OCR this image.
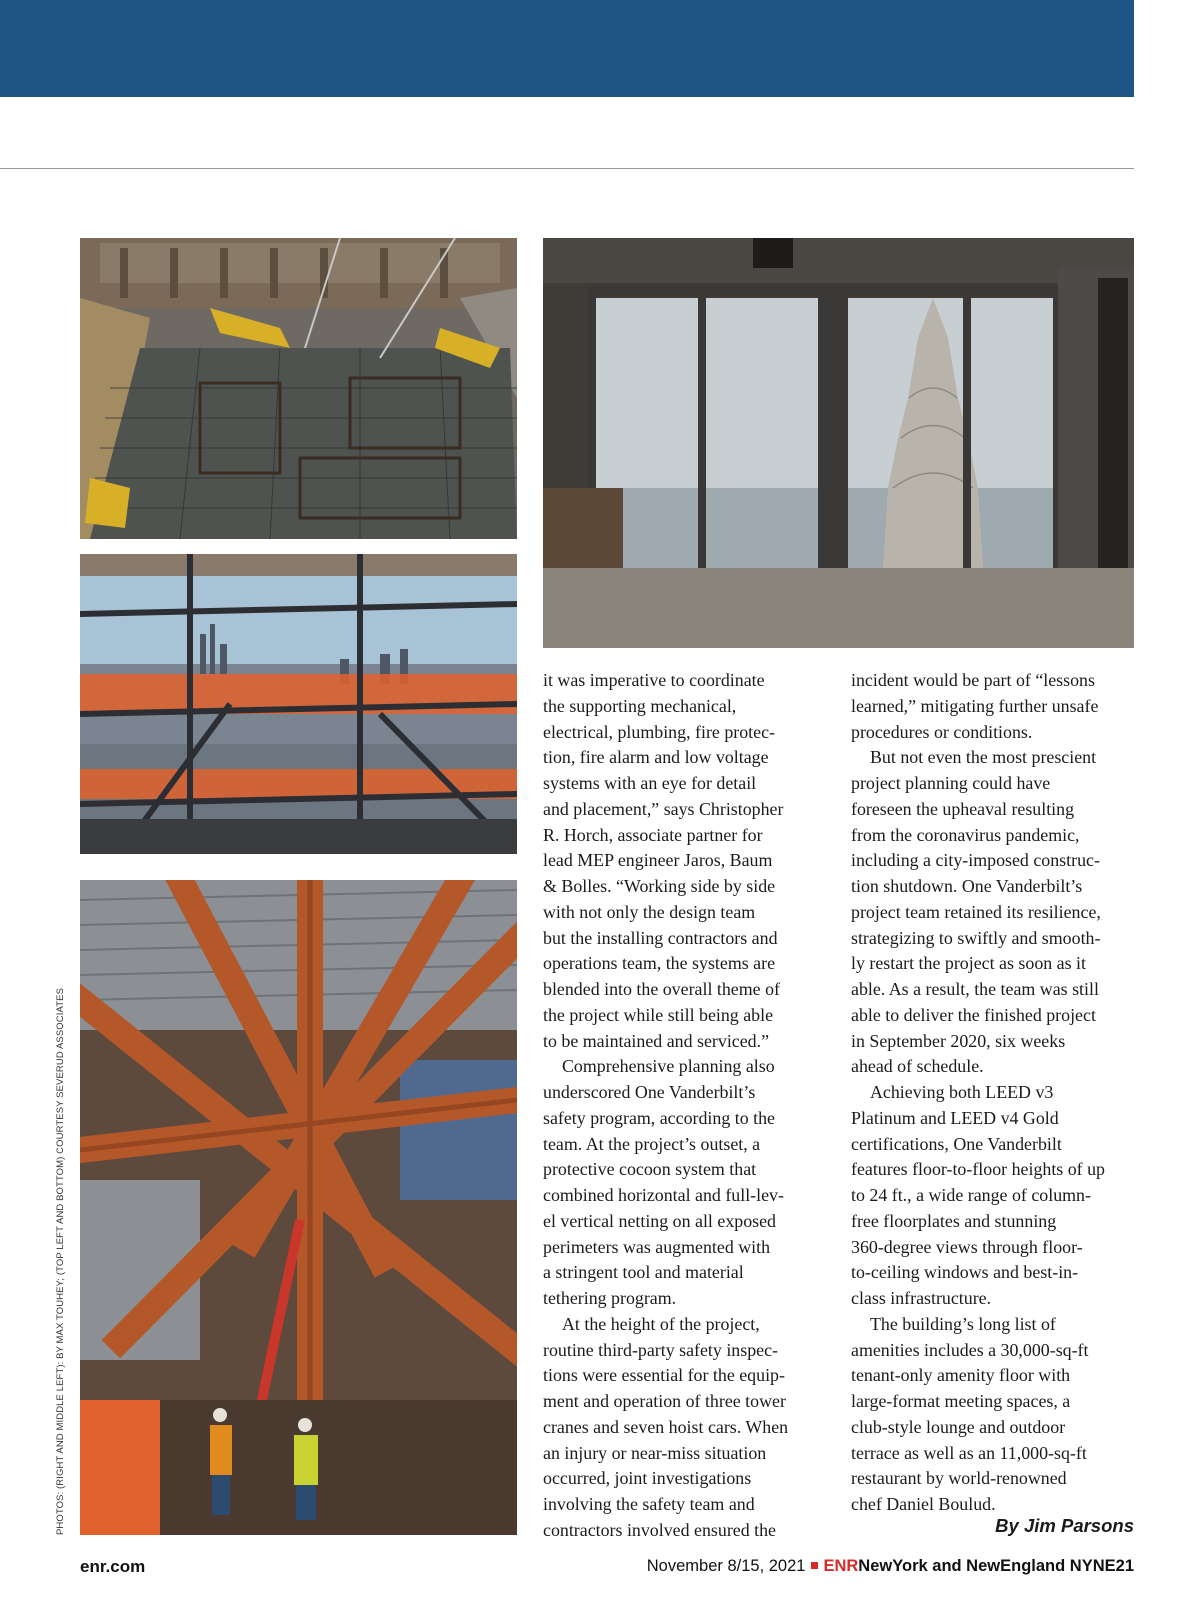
PHOTOS: (RIGHT AND MIDDLE LEFT): BY MAX TOUHEY; (TOP LEFT AND BOTTOM) COURTESY SEVERUD ASSOCIATES

it was imperative to coordinate

the supporting mechanical,

electrical, plumbing, fire protec-

tion, fire alarm and low voltage

systems with an eye for detail

and placement,” says Christopher

R. Horch, associate partner for

lead MEP engineer Jaros, Baum

& Bolles. “Working side by side

with not only the design team

but the installing contractors and

operations team, the systems are

blended into the overall theme of

the project while still being able

to be maintained and serviced.”

Comprehensive planning also

underscored One Vanderbilt’s

safety program, according to the

team. At the project’s outset, a

protective cocoon system that

combined horizontal and full-lev-

el vertical netting on all exposed

perimeters was augmented with

a stringent tool and material

tethering program.

At the height of the project,

routine third-party safety inspec-

tions were essential for the equip-

ment and operation of three tower

cranes and seven hoist cars. When

an injury or near-miss situation

occurred, joint investigations

involving the safety team and

contractors involved ensured the

incident would be part of “lessons

learned,” mitigating further unsafe

procedures or conditions.

But not even the most prescient

project planning could have

foreseen the upheaval resulting

from the coronavirus pandemic,

including a city-imposed construc-

tion shutdown. One Vanderbilt’s

project team retained its resilience,

strategizing to swiftly and smooth-

ly restart the project as soon as it

able. As a result, the team was still

able to deliver the finished project

in September 2020, six weeks

ahead of schedule.

Achieving both LEED v3

Platinum and LEED v4 Gold

certifications, One Vanderbilt

features floor-to-floor heights of up

to 24 ft., a wide range of column-

free floorplates and stunning

360-degree views through floor-

to-ceiling windows and best-in-

class infrastructure.

The building’s long list of

amenities includes a 30,000-sq-ft

tenant-only amenity floor with

large-format meeting spaces, a

club-style lounge and outdoor

terrace as well as an 11,000-sq-ft

restaurant by world-renowned

chef Daniel Boulud.

By Jim Parsons
enr.com	November 8/15, 2021 ENRNewYork and NewEngland NYNE21
